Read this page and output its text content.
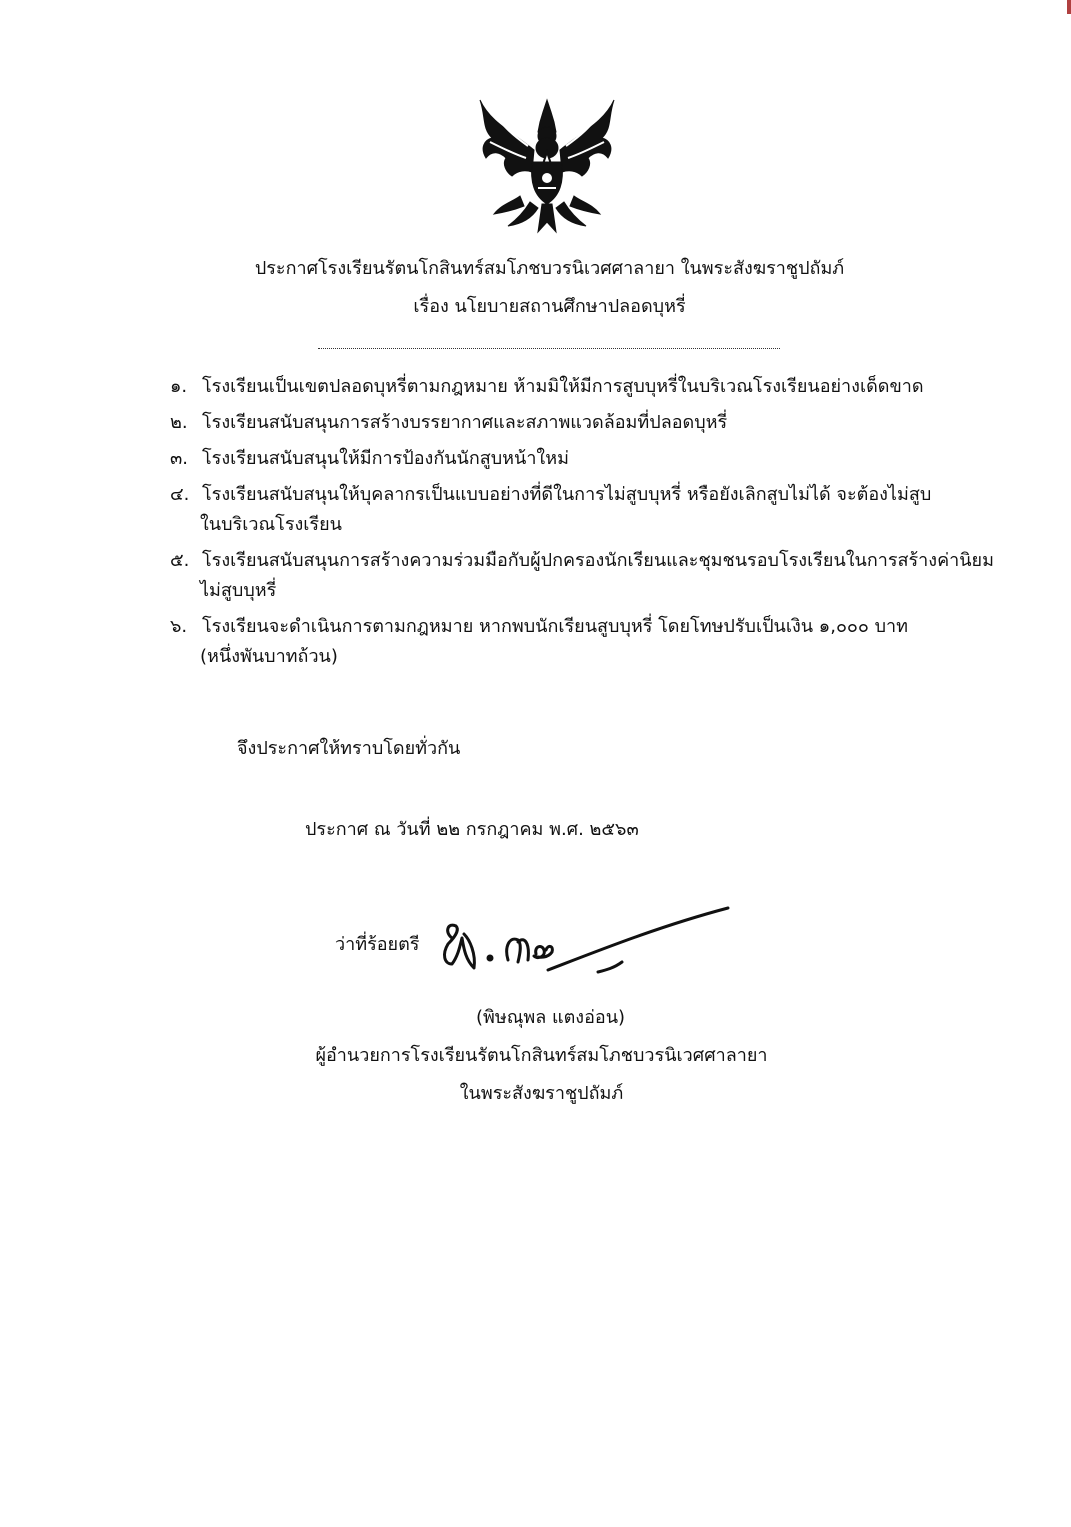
ประกาศโรงเรียนรัตนโกสินทร์สมโภชบวรนิเวศศาลายา ในพระสังฆราชูปถัมภ์
เรื่อง นโยบายสถานศึกษาปลอดบุหรี่
๑. โรงเรียนเป็นเขตปลอดบุหรี่ตามกฎหมาย ห้ามมิให้มีการสูบบุหรี่ในบริเวณโรงเรียนอย่างเด็ดขาด
๒. โรงเรียนสนับสนุนการสร้างบรรยากาศและสภาพแวดล้อมที่ปลอดบุหรี่
๓. โรงเรียนสนับสนุนให้มีการป้องกันนักสูบหน้าใหม่
๔. โรงเรียนสนับสนุนให้บุคลากรเป็นแบบอย่างที่ดีในการไม่สูบบุหรี่ หรือยังเลิกสูบไม่ได้ จะต้องไม่สูบ
ในบริเวณโรงเรียน
๕. โรงเรียนสนับสนุนการสร้างความร่วมมือกับผู้ปกครองนักเรียนและชุมชนรอบโรงเรียนในการสร้างค่านิยม
ไม่สูบบุหรี่
๖. โรงเรียนจะดำเนินการตามกฎหมาย หากพบนักเรียนสูบบุหรี่ โดยโทษปรับเป็นเงิน ๑,๐๐๐ บาท
(หนึ่งพันบาทถ้วน)
จึงประกาศให้ทราบโดยทั่วกัน
ประกาศ ณ วันที่ ๒๒ กรกฎาคม พ.ศ. ๒๕๖๓
ว่าที่ร้อยตรี
(พิษณุพล แตงอ่อน)
ผู้อำนวยการโรงเรียนรัตนโกสินทร์สมโภชบวรนิเวศศาลายา
ในพระสังฆราชูปถัมภ์
